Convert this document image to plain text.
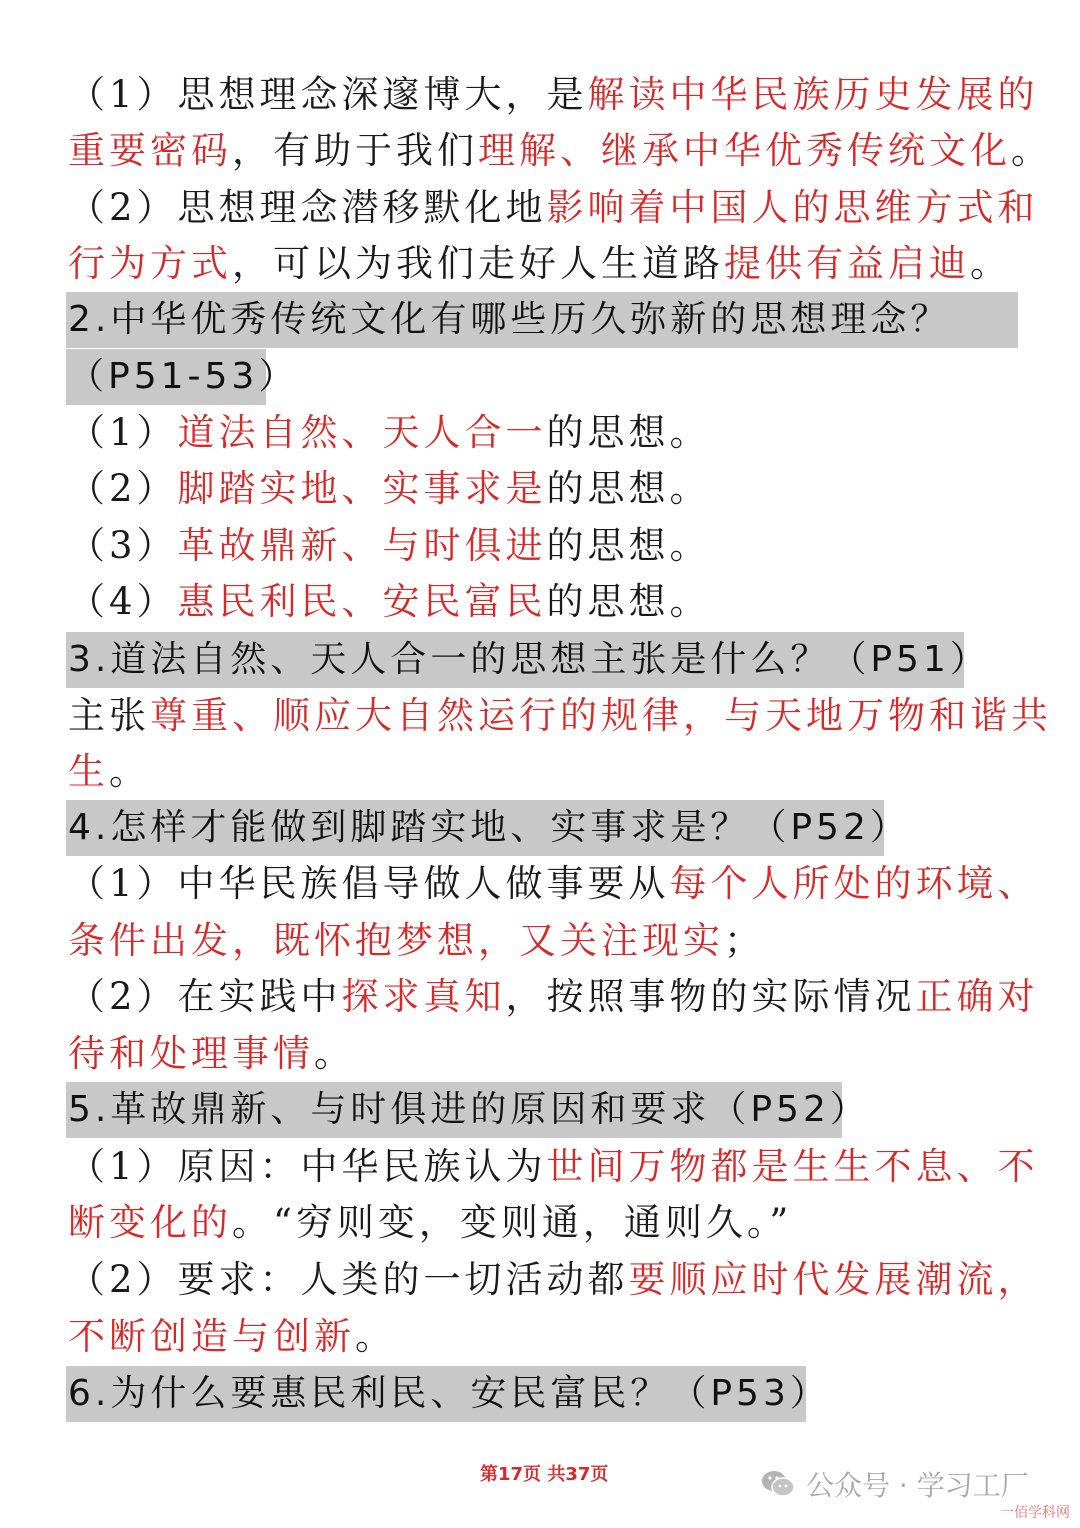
（1）思想理念深邃博大，是解读中华民族历史发展的
重要密码，有助于我们理解、继承中华优秀传统文化。
（2）思想理念潜移默化地影响着中国人的思维方式和
行为方式，可以为我们走好人生道路提供有益启迪。
2.中华优秀传统文化有哪些历久弥新的思想理念？
（P51-53）
（1）道法自然、天人合一的思想。
（2）脚踏实地、实事求是的思想。
（3）革故鼎新、与时俱进的思想。
（4）惠民利民、安民富民的思想。
3.道法自然、天人合一的思想主张是什么？（P51）
主张尊重、顺应大自然运行的规律，与天地万物和谐共
生。
4.怎样才能做到脚踏实地、实事求是？（P52）
（1）中华民族倡导做人做事要从每个人所处的环境、
条件出发，既怀抱梦想，又关注现实；
（2）在实践中探求真知，按照事物的实际情况正确对
待和处理事情。
5.革故鼎新、与时俱进的原因和要求（P52）
（1）原因：中华民族认为世间万物都是生生不息、不
断变化的。“穷则变，变则通，通则久。”
（2）要求：人类的一切活动都要顺应时代发展潮流，
不断创造与创新。
6.为什么要惠民利民、安民富民？（P53）
第17页 共37页	公众号 · 学习工厂
一佰学科网
